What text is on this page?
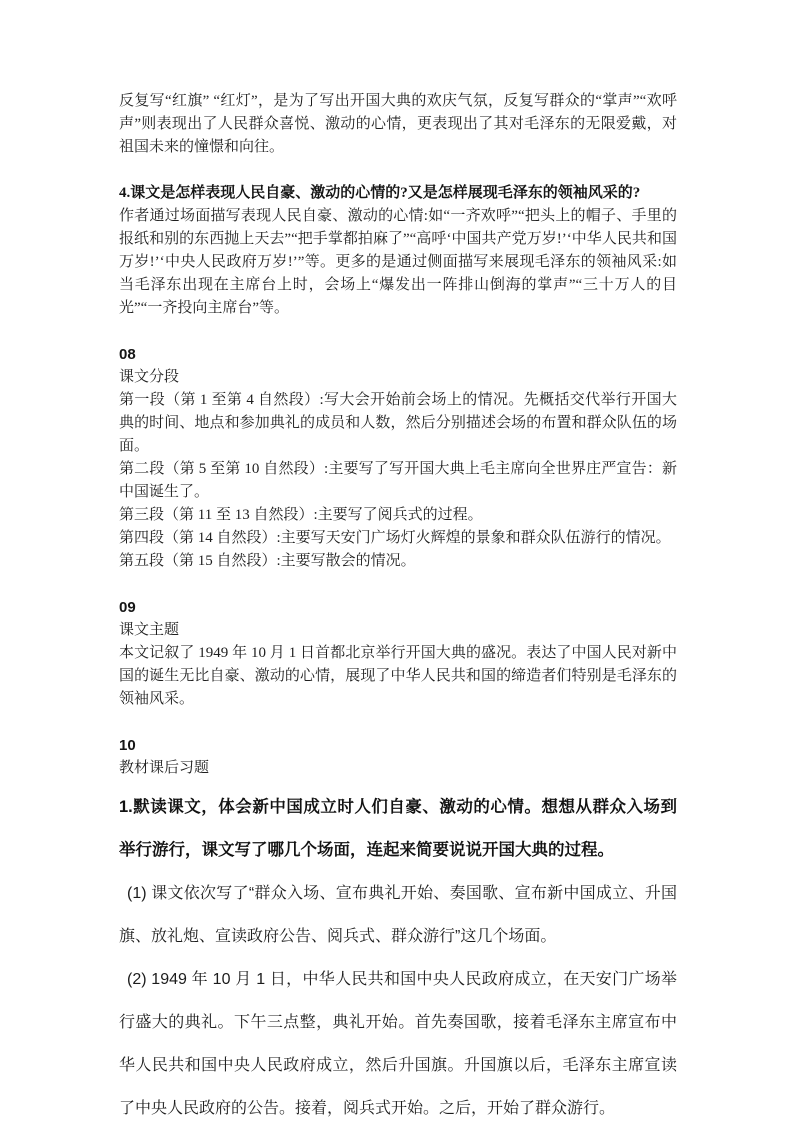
反复写“红旗” “红灯”，是为了写出开国大典的欢庆气氛，反复写群众的“掌声”“欢呼声”则表现出了人民群众喜悦、激动的心情，更表现出了其对毛泽东的无限爱戴，对祖国未来的憧憬和向往。

4.课文是怎样表现人民自豪、激动的心情的?又是怎样展现毛泽东的领袖风采的?

作者通过场面描写表现人民自豪、激动的心情:如“一齐欢呼”“把头上的帽子、手里的报纸和别的东西抛上天去”“把手掌都拍麻了”“高呼‘中国共产党万岁!’‘中华人民共和国万岁!’‘中央人民政府万岁!’”等。更多的是通过侧面描写来展现毛泽东的领袖风采:如当毛泽东出现在主席台上时，会场上“爆发出一阵排山倒海的掌声”“三十万人的目光”“一齐投向主席台”等。

08

课文分段

第一段（第 1 至第 4 自然段）:写大会开始前会场上的情况。先概括交代举行开国大典的时间、地点和参加典礼的成员和人数，然后分别描述会场的布置和群众队伍的场面。

第二段（第 5 至第 10 自然段）:主要写了写开国大典上毛主席向全世界庄严宣告：新中国诞生了。

第三段（第 11 至 13 自然段）:主要写了阅兵式的过程。

第四段（第 14 自然段）:主要写天安门广场灯火辉煌的景象和群众队伍游行的情况。

第五段（第 15 自然段）:主要写散会的情况。

09

课文主题

本文记叙了 1949 年 10 月 1 日首都北京举行开国大典的盛况。表达了中国人民对新中国的诞生无比自豪、激动的心情，展现了中华人民共和国的缔造者们特别是毛泽东的领袖风采。

10

教材课后习题

1.默读课文，体会新中国成立时人们自豪、激动的心情。想想从群众入场到举行游行，课文写了哪几个场面，连起来简要说说开国大典的过程。

(1) 课文依次写了“群众入场、宣布典礼开始、奏国歌、宣布新中国成立、升国旗、放礼炮、宣读政府公告、阅兵式、群众游行”这几个场面。

(2) 1949 年 10 月 1 日，中华人民共和国中央人民政府成立，在天安门广场举行盛大的典礼。下午三点整，典礼开始。首先奏国歌，接着毛泽东主席宣布中华人民共和国中央人民政府成立，然后升国旗。升国旗以后，毛泽东主席宣读了中央人民政府的公告。接着，阅兵式开始。之后，开始了群众游行。
